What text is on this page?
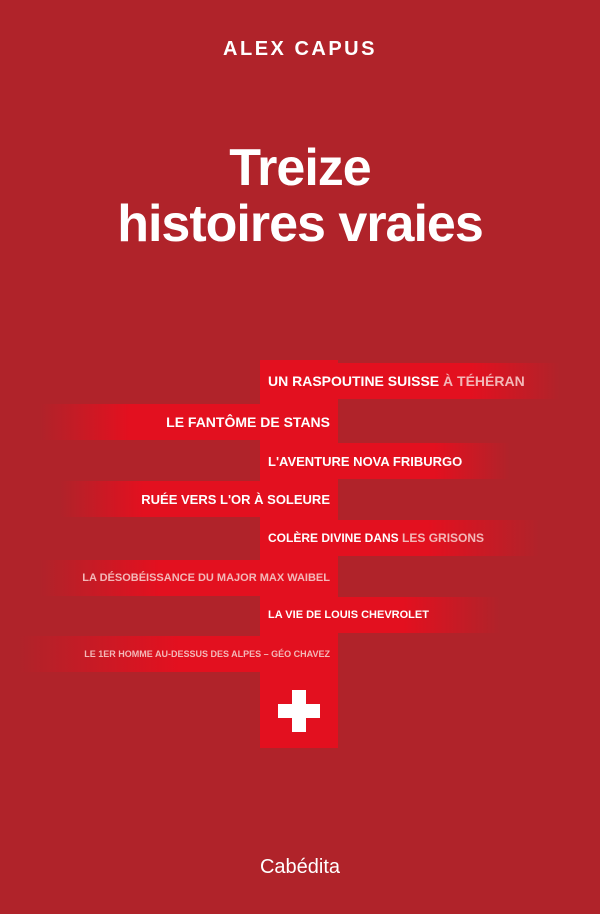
ALEX CAPUS
Treize
histoires vraies
UN RASPOUTINE SUISSE À TÉHÉRAN
LE FANTÔME DE STANS
L'AVENTURE NOVA FRIBURGO
RUÉE VERS L'OR À SOLEURE
COLÈRE DIVINE DANS LES GRISONS
LA DÉSOBÉISSANCE DU MAJOR MAX WAIBEL
LA VIE DE LOUIS CHEVROLET
LE 1ER HOMME AU-DESSUS DES ALPES – GÉO CHAVEZ
Cabédita
